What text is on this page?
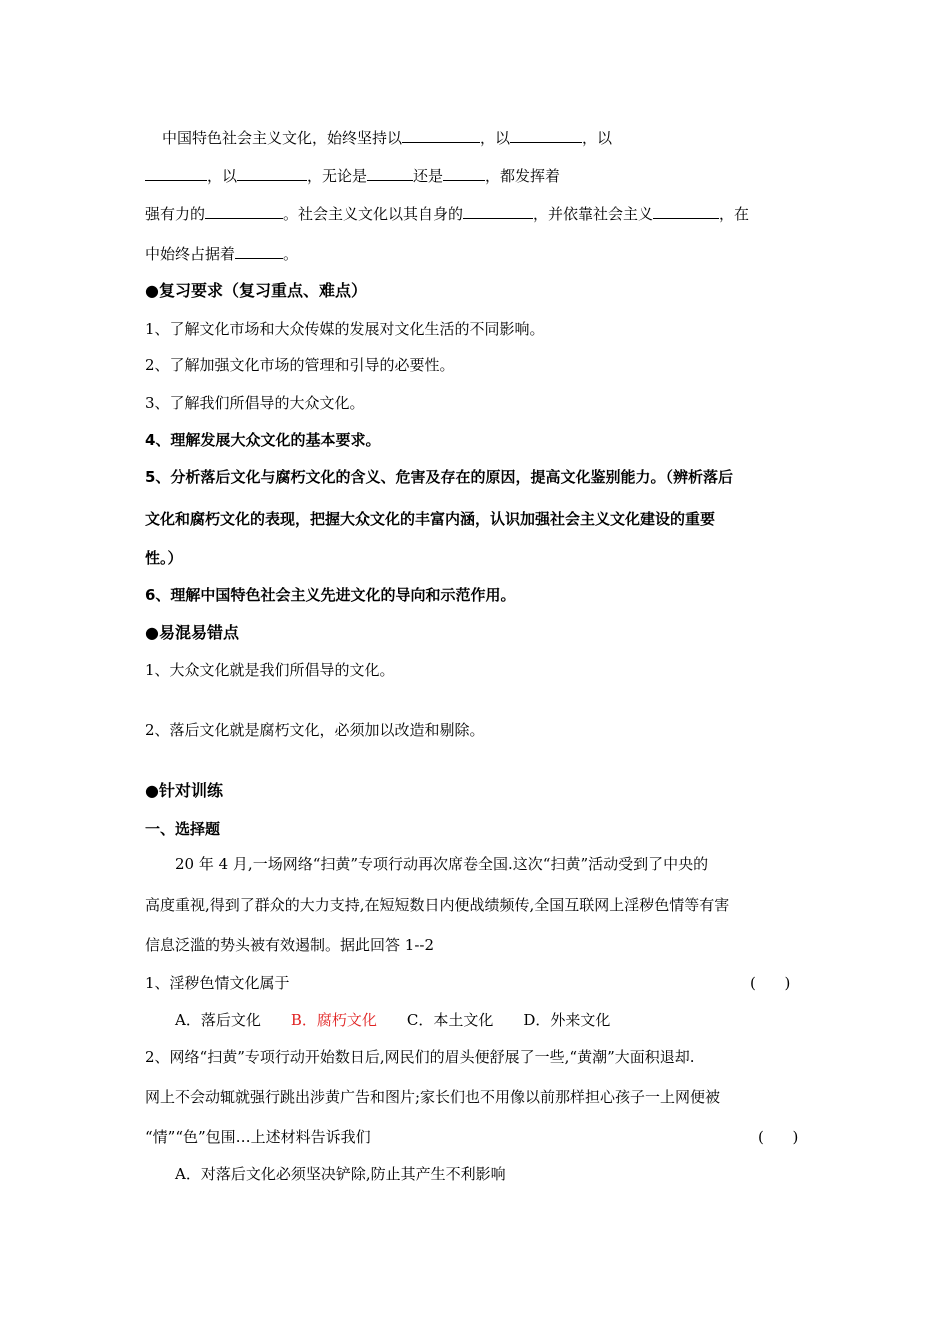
中国特色社会主义文化，始终坚持以	，以	，以
，以	，无论是	还是	，都发挥着
强有力的	。社会主义文化以其自身的	，并依靠社会主义	，在
中始终占据着	。
●复习要求（复习重点、难点）
1、了解文化市场和大众传媒的发展对文化生活的不同影响。
2、了解加强文化市场的管理和引导的必要性。
3、了解我们所倡导的大众文化。
4、理解发展大众文化的基本要求。
5、分析落后文化与腐朽文化的含义、危害及存在的原因，提高文化鉴别能力。（辨析落后
文化和腐朽文化的表现，把握大众文化的丰富内涵，认识加强社会主义文化建设的重要
性。）
6、理解中国特色社会主义先进文化的导向和示范作用。
●易混易错点
1、大众文化就是我们所倡导的文化。
2、落后文化就是腐朽文化，必须加以改造和剔除。
●针对训练
一、选择题
20 年 4 月,一场网络“扫黄”专项行动再次席卷全国.这次“扫黄”活动受到了中央的
高度重视,得到了群众的大力支持,在短短数日内便战绩频传,全国互联网上淫秽色情等有害
信息泛滥的势头被有效遏制。据此回答 1--2
1、淫秽色情文化属于	(      )
A．落后文化 B．腐朽文化 C．本土文化 D．外来文化
2、网络“扫黄”专项行动开始数日后,网民们的眉头便舒展了一些,“黄潮”大面积退却.
网上不会动辄就强行跳出涉黄广告和图片;家长们也不用像以前那样担心孩子一上网便被
“情”“色”包围…上述材料告诉我们	(      )
A．对落后文化必须坚决铲除,防止其产生不利影响
